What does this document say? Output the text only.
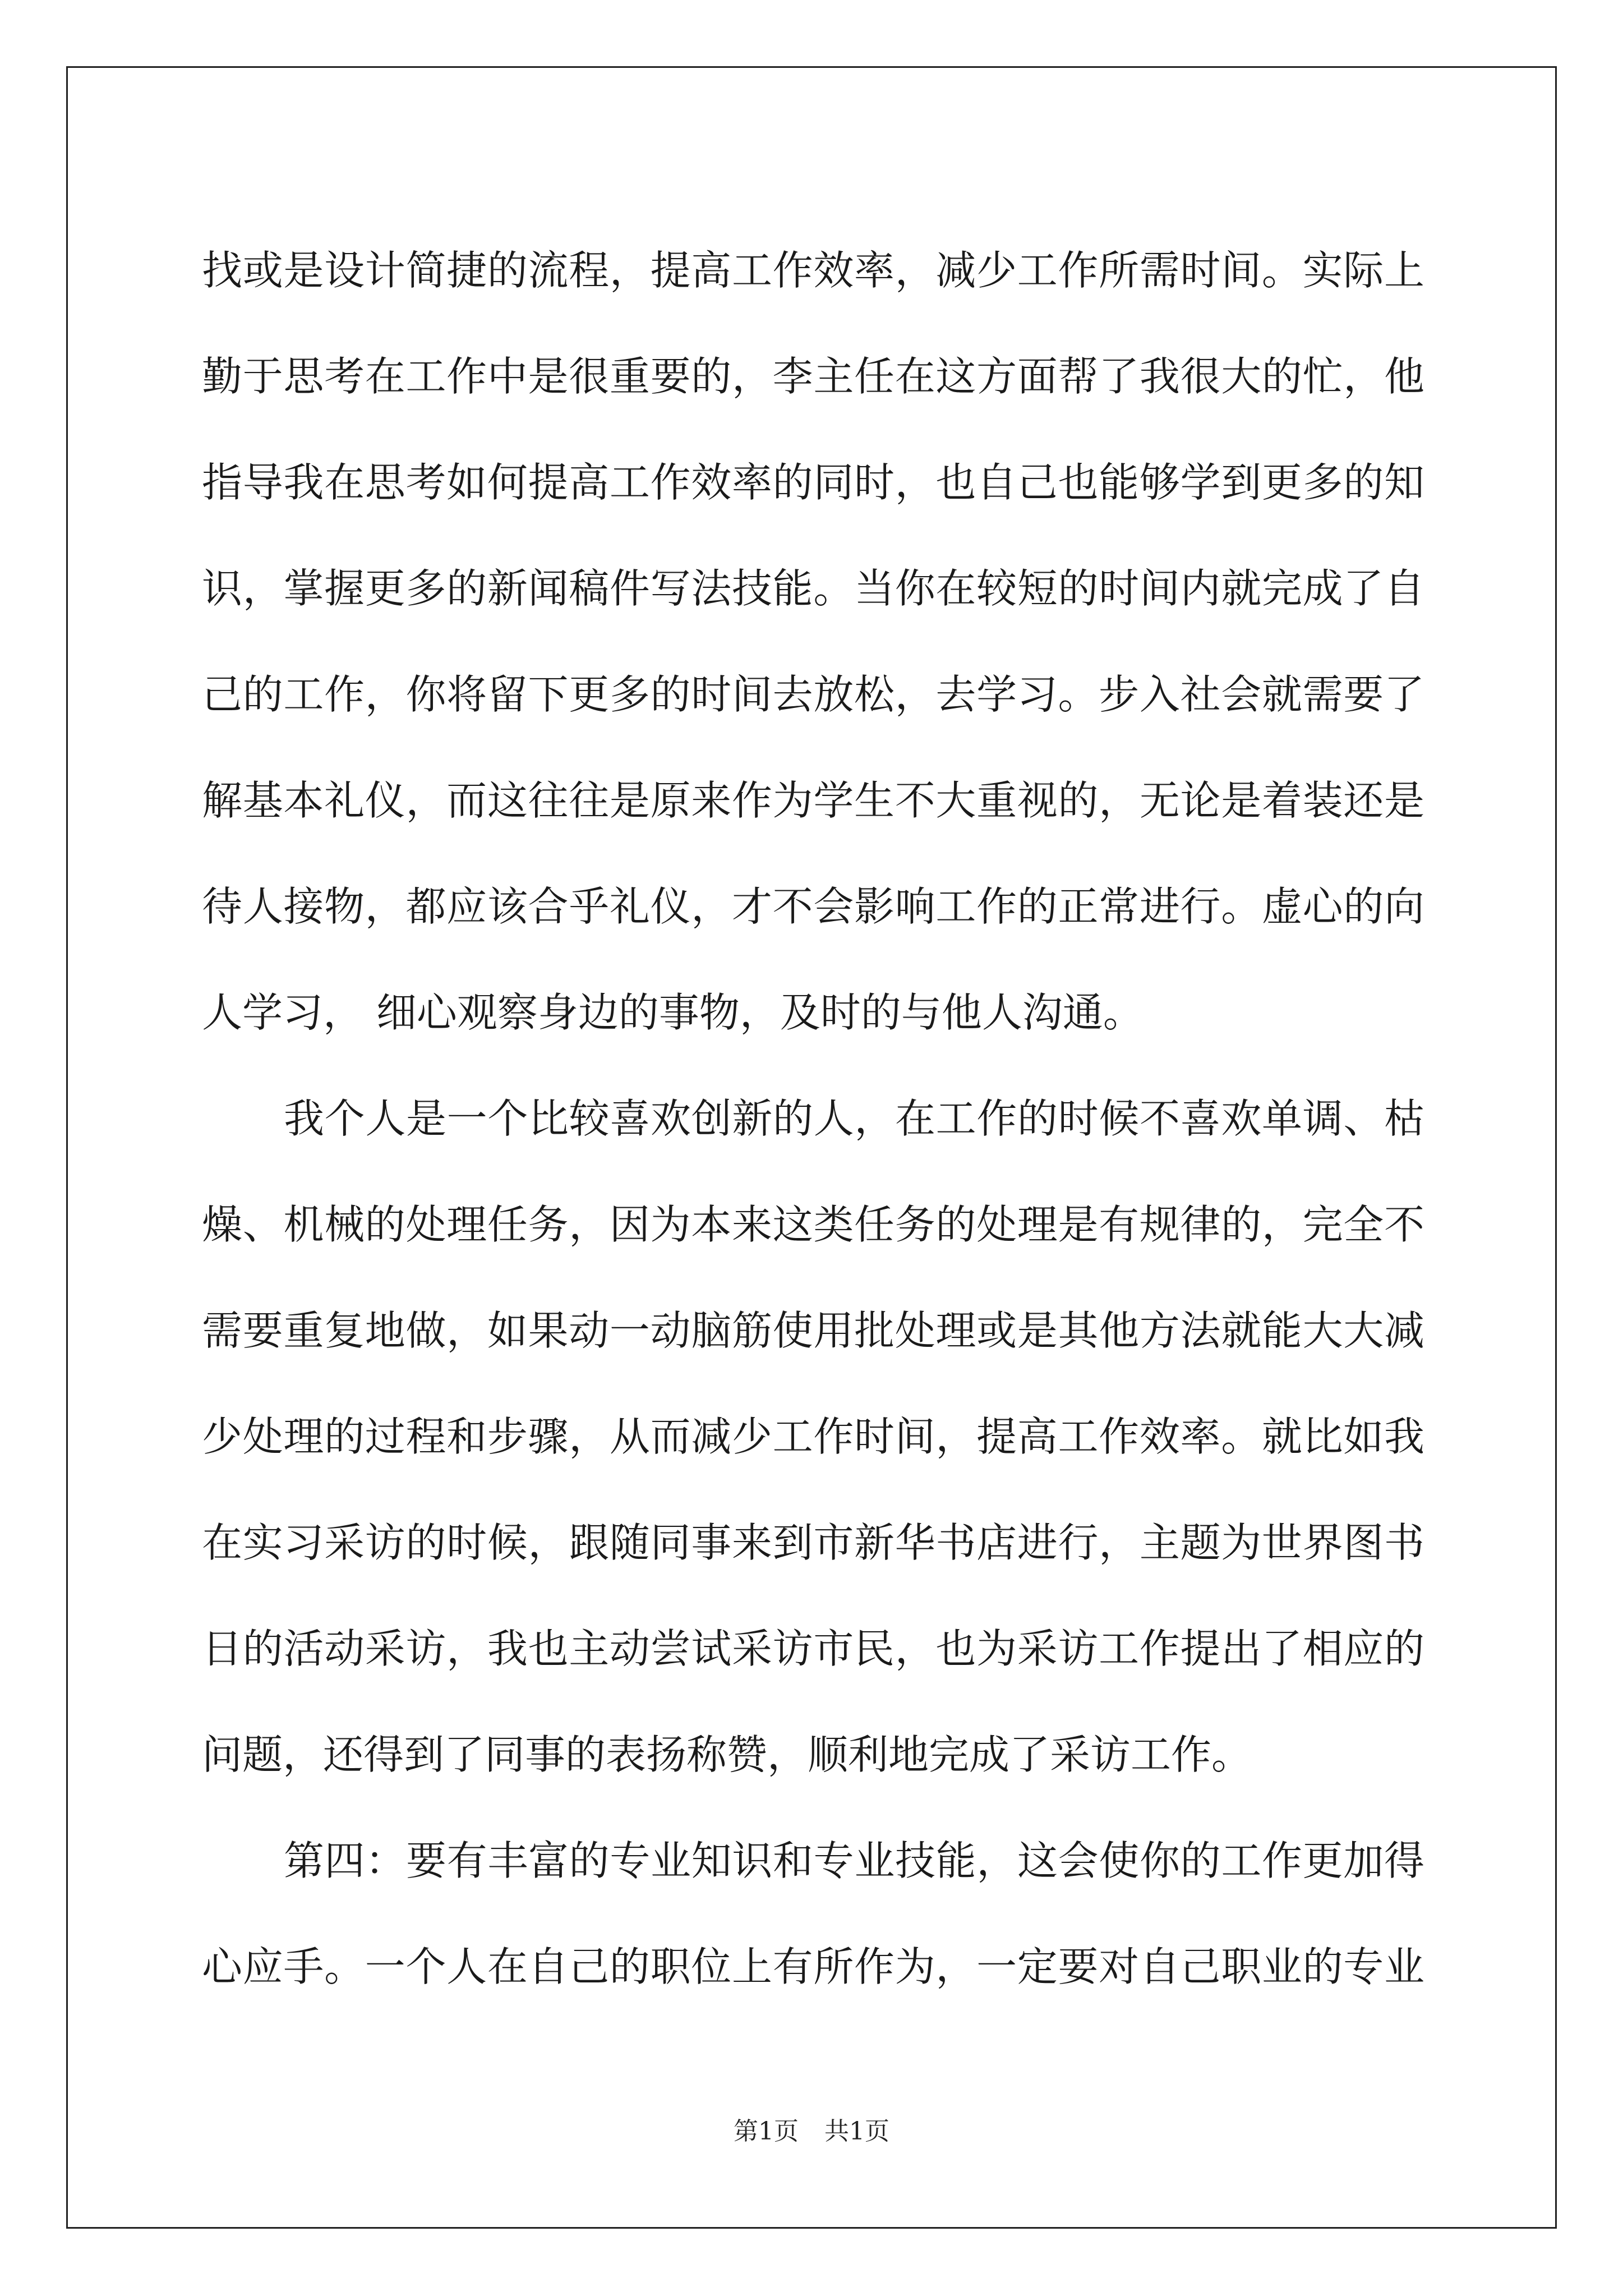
找或是设计简捷的流程，提高工作效率，减少工作所需时间。实际上
勤于思考在工作中是很重要的，李主任在这方面帮了我很大的忙，他
指导我在思考如何提高工作效率的同时，也自己也能够学到更多的知
识，掌握更多的新闻稿件写法技能。当你在较短的时间内就完成了自
己的工作，你将留下更多的时间去放松，去学习。步入社会就需要了
解基本礼仪，而这往往是原来作为学生不大重视的，无论是着装还是
待人接物，都应该合乎礼仪，才不会影响工作的正常进行。虚心的向
人学习， 细心观察身边的事物，及时的与他人沟通。
我个人是一个比较喜欢创新的人，在工作的时候不喜欢单调、枯
燥、机械的处理任务，因为本来这类任务的处理是有规律的，完全不
需要重复地做，如果动一动脑筋使用批处理或是其他方法就能大大减
少处理的过程和步骤，从而减少工作时间，提高工作效率。就比如我
在实习采访的时候，跟随同事来到市新华书店进行，主题为世界图书
日的活动采访，我也主动尝试采访市民，也为采访工作提出了相应的
问题，还得到了同事的表扬称赞，顺利地完成了采访工作。
第四：要有丰富的专业知识和专业技能，这会使你的工作更加得
心应手。一个人在自己的职位上有所作为，一定要对自己职业的专业
第1页 共1页
